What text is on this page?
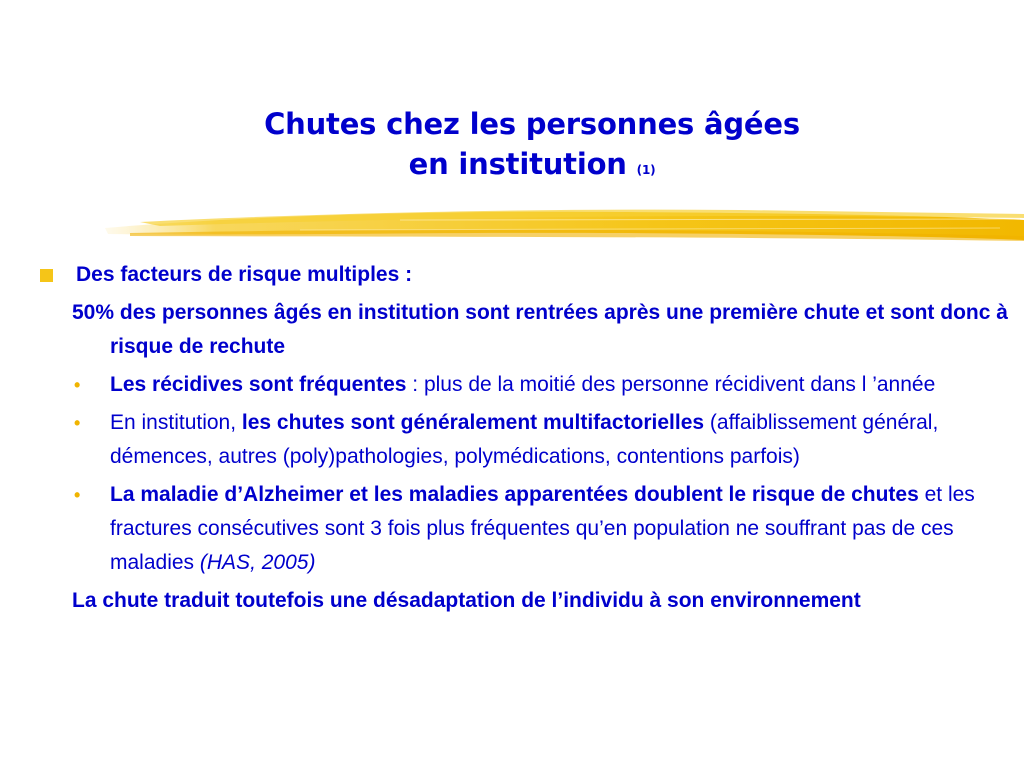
Chutes chez les personnes âgées
en institution (1)
Des facteurs de risque multiples :
50% des personnes âgés en institution sont rentrées après une première chute et sont donc à risque de rechute
• Les récidives sont fréquentes : plus de la moitié des personne récidivent dans l ’année
• En institution, les chutes sont généralement multifactorielles (affaiblissement général, démences, autres (poly)pathologies, polymédications, contentions parfois)
• La maladie d’Alzheimer et les maladies apparentées doublent le risque de chutes et les fractures consécutives sont 3 fois plus fréquentes qu’en population ne souffrant pas de ces maladies (HAS, 2005)
La chute traduit toutefois une désadaptation de l’individu à son environnement
